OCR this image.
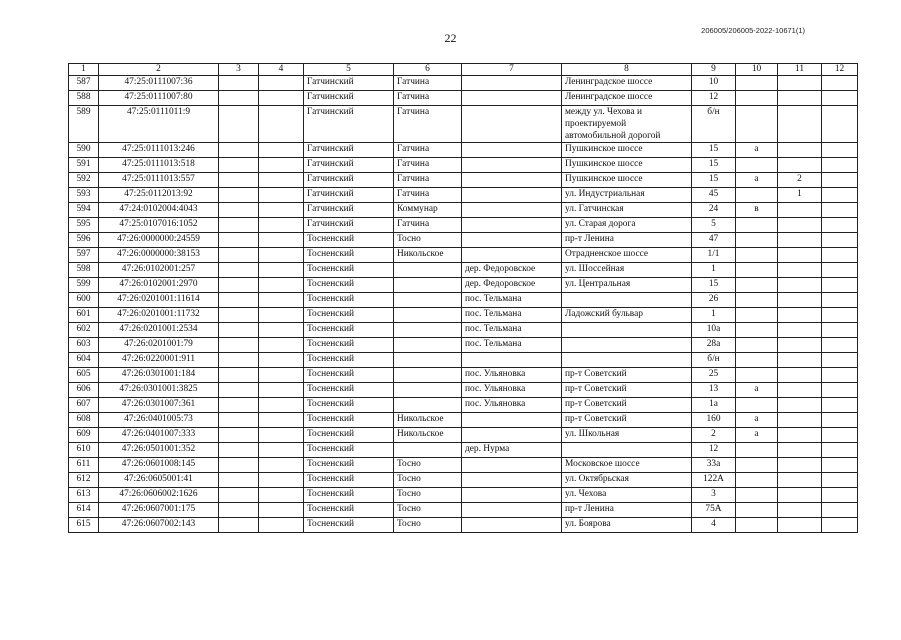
22
206005/206005-2022-10671(1)
1	2	3	4	5	6	7	8	9	10	11	12
587	47:25:0111007:36			Гатчинский	Гатчина		Ленинградское шоссе	10			
588	47:25:0111007:80			Гатчинский	Гатчина		Ленинградское шоссе	12			
589	47:25:0111011:9			Гатчинский	Гатчина		между ул. Чехова и проектируемой автомобильной дорогой	б/н			
590	47:25:0111013:246			Гатчинский	Гатчина		Пушкинское шоссе	15	а		
591	47:25:0111013:518			Гатчинский	Гатчина		Пушкинское шоссе	15			
592	47:25:0111013:557			Гатчинский	Гатчина		Пушкинское шоссе	15	а	2	
593	47:25:0112013:92			Гатчинский	Гатчина		ул. Индустриальная	45		1	
594	47:24:0102004:4043			Гатчинский	Коммунар		ул. Гатчинская	24	в		
595	47:25:0107016:1052			Гатчинский	Гатчина		ул. Старая дорога	5			
596	47:26:0000000:24559			Тосненский	Тосно		пр-т Ленина	47			
597	47:26:0000000:38153			Тосненский	Никольское		Отрадненское шоссе	1/1			
598	47:26:0102001:257			Тосненский		дер. Федоровское	ул. Шоссейная	1			
599	47:26:0102001:2970			Тосненский		дер. Федоровское	ул. Центральная	15			
600	47:26:0201001:11614			Тосненский		пос. Тельмана		26			
601	47:26:0201001:11732			Тосненский		пос. Тельмана	Ладожский бульвар	1			
602	47:26:0201001:2534			Тосненский		пос. Тельмана		10а			
603	47:26:0201001:79			Тосненский		пос. Тельмана		28а			
604	47:26:0220001:911			Тосненский				б/н			
605	47:26:0301001:184			Тосненский		пос. Ульяновка	пр-т Советский	25			
606	47:26:0301001:3825			Тосненский		пос. Ульяновка	пр-т Советский	13	а		
607	47:26:0301007:361			Тосненский		пос. Ульяновка	пр-т Советский	1а			
608	47:26:0401005:73			Тосненский	Никольское		пр-т Советский	160	а		
609	47:26:0401007:333			Тосненский	Никольское		ул. Школьная	2	а		
610	47:26:0501001:352			Тосненский		дер. Нурма		12			
611	47:26:0601008:145			Тосненский	Тосно		Московское шоссе	33а			
612	47:26:0605001:41			Тосненский	Тосно		ул. Октябрьская	122А			
613	47:26:0606002:1626			Тосненский	Тосно		ул. Чехова	3			
614	47:26:0607001:175			Тосненский	Тосно		пр-т Ленина	75А			
615	47:26:0607002:143			Тосненский	Тосно		ул. Боярова	4			
